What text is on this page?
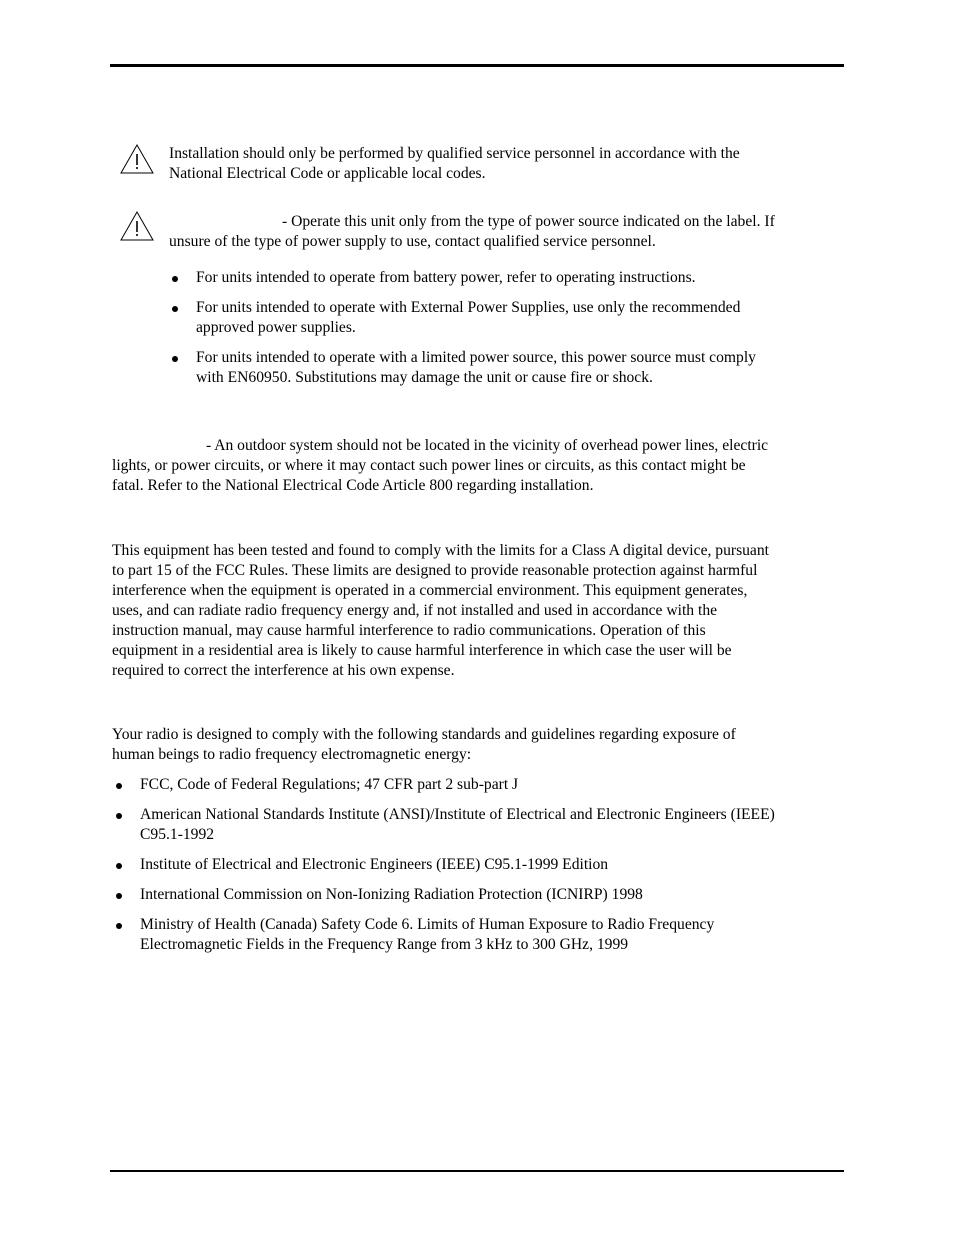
Installation should only be performed by qualified service personnel in accordance with the
National Electrical Code or applicable local codes.
- Operate this unit only from the type of power source indicated on the label. If
unsure of the type of power supply to use, contact qualified service personnel.
For units intended to operate from battery power, refer to operating instructions.
For units intended to operate with External Power Supplies, use only the recommended
approved power supplies.
For units intended to operate with a limited power source, this power source must comply
with EN60950. Substitutions may damage the unit or cause fire or shock.
- An outdoor system should not be located in the vicinity of overhead power lines, electric
lights, or power circuits, or where it may contact such power lines or circuits, as this contact might be
fatal. Refer to the National Electrical Code Article 800 regarding installation.
This equipment has been tested and found to comply with the limits for a Class A digital device, pursuant
to part 15 of the FCC Rules. These limits are designed to provide reasonable protection against harmful
interference when the equipment is operated in a commercial environment. This equipment generates,
uses, and can radiate radio frequency energy and, if not installed and used in accordance with the
instruction manual, may cause harmful interference to radio communications. Operation of this
equipment in a residential area is likely to cause harmful interference in which case the user will be
required to correct the interference at his own expense.
Your radio is designed to comply with the following standards and guidelines regarding exposure of
human beings to radio frequency electromagnetic energy:
FCC, Code of Federal Regulations; 47 CFR part 2 sub-part J
American National Standards Institute (ANSI)/Institute of Electrical and Electronic Engineers (IEEE)
C95.1-1992
Institute of Electrical and Electronic Engineers (IEEE) C95.1-1999 Edition
International Commission on Non-Ionizing Radiation Protection (ICNIRP) 1998
Ministry of Health (Canada) Safety Code 6. Limits of Human Exposure to Radio Frequency
Electromagnetic Fields in the Frequency Range from 3 kHz to 300 GHz, 1999
